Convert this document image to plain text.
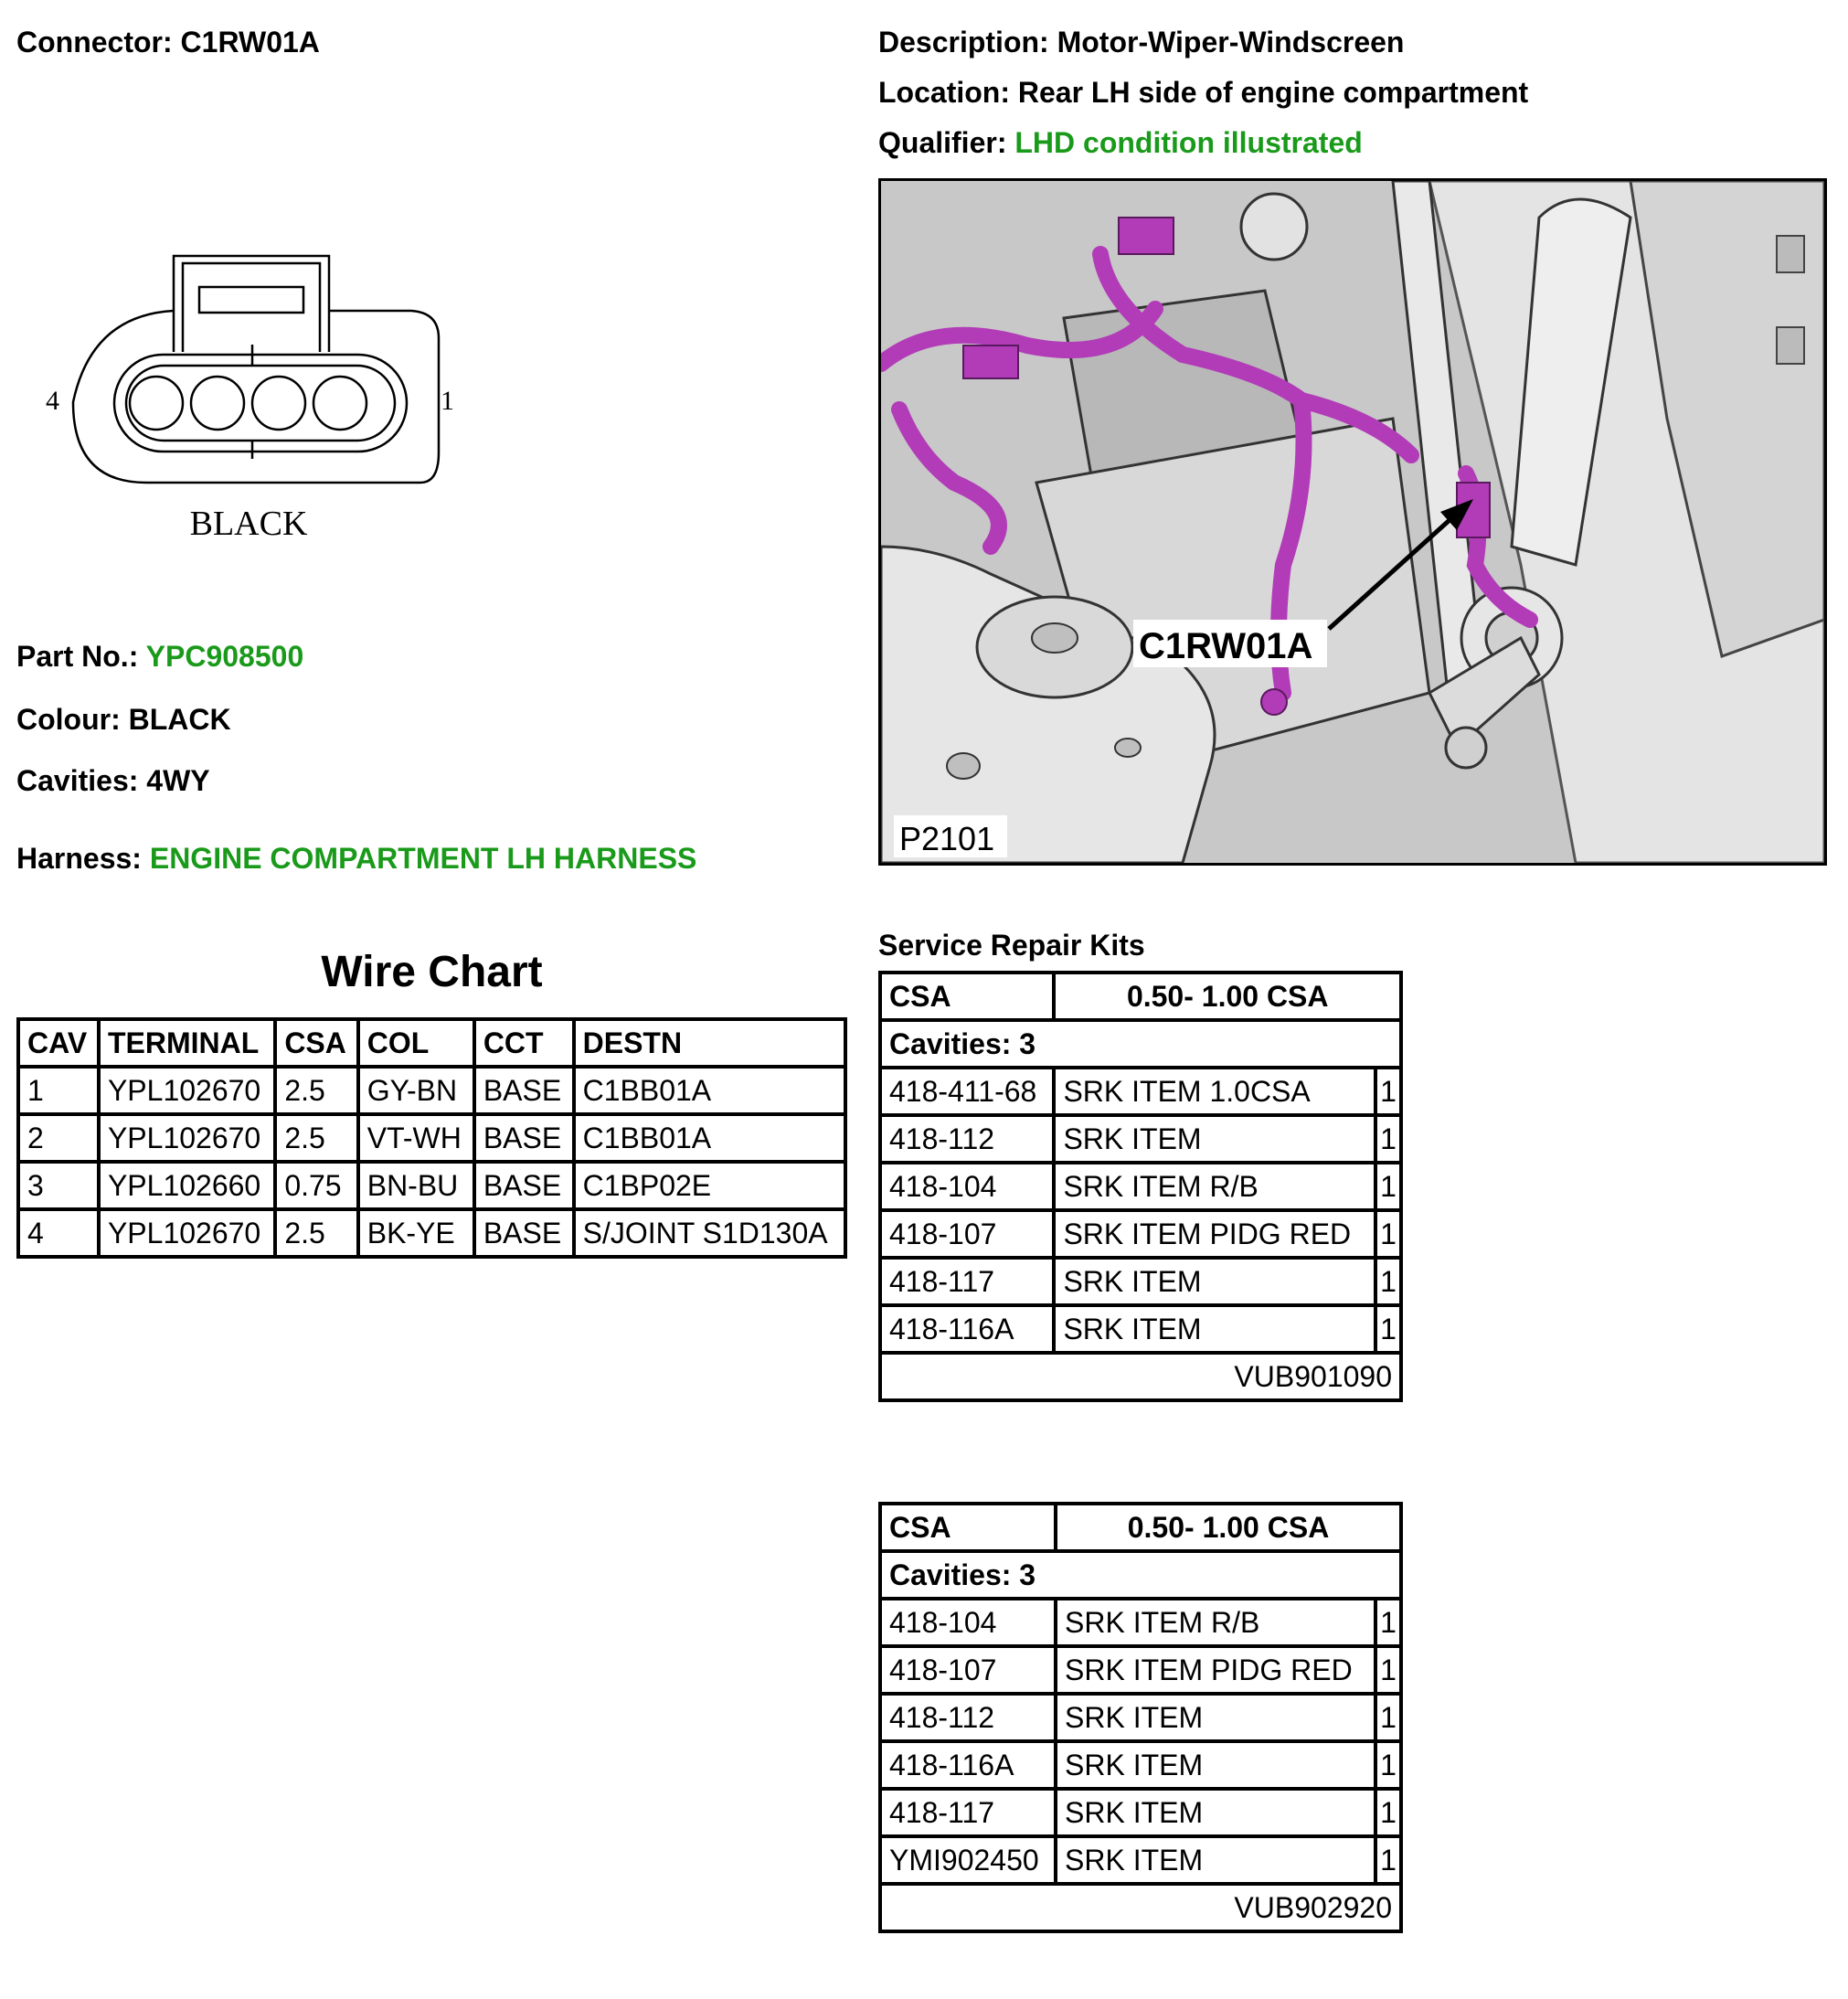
Connector: C1RW01A	Description: Motor-Wiper-Windscreen
Location: Rear LH side of engine compartment
Qualifier: LHD condition illustrated
4	1
BLACK
C1RW01A
P2101
Part No.: YPC908500
Colour: BLACK
Cavities: 4WY
Harness: ENGINE COMPARTMENT LH HARNESS
Wire Chart
CAV	TERMINAL	CSA	COL	CCT	DESTN
1	YPL102670	2.5	GY-BN	BASE	C1BB01A
2	YPL102670	2.5	VT-WH	BASE	C1BB01A
3	YPL102660	0.75	BN-BU	BASE	C1BP02E
4	YPL102670	2.5	BK-YE	BASE	S/JOINT S1D130A
Service Repair Kits
CSA	0.50- 1.00 CSA	
Cavities: 3		
418-411-68	SRK ITEM 1.0CSA	1
418-112	SRK ITEM	1
418-104	SRK ITEM R/B	1
418-107	SRK ITEM PIDG RED	1
418-117	SRK ITEM	1
418-116A	SRK ITEM	1
VUB901090		
CSA	0.50- 1.00 CSA	
Cavities: 3		
418-104	SRK ITEM R/B	1
418-107	SRK ITEM PIDG RED	1
418-112	SRK ITEM	1
418-116A	SRK ITEM	1
418-117	SRK ITEM	1
YMI902450	SRK ITEM	1
VUB902920		
